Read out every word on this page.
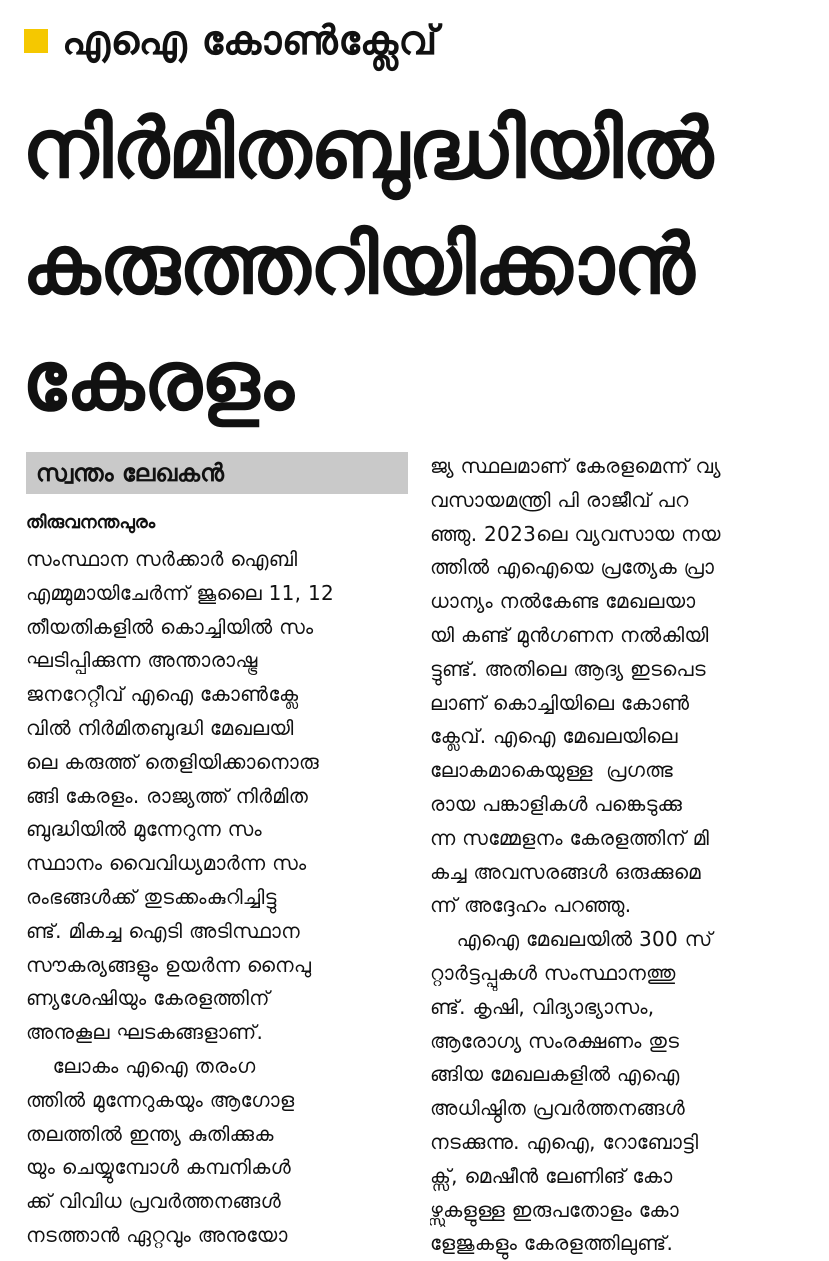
എഐ കോൺക്ലേവ്
നിർമിതബുദ്ധിയിൽ
കരുത്തറിയിക്കാൻ
കേരളം
സ്വന്തം ലേഖകൻ
തിരുവനന്തപുരം
സംസ്ഥാന സർക്കാർ ഐബി
എമ്മുമായിചേർന്ന് ജൂലൈ 11, 12
തീയതികളിൽ കൊച്ചിയിൽ സം
ഘടിപ്പിക്കുന്ന അന്താരാഷ്ട്ര
ജനറേറ്റീവ് എഐ കോൺക്ലേ
വിൽ നിർമിതബുദ്ധി മേഖലയി
ലെ കരുത്ത് തെളിയിക്കാനൊരു
ങ്ങി കേരളം. രാജ്യത്ത് നിർമിത
ബുദ്ധിയിൽ മുന്നേറുന്ന സം
സ്ഥാനം വൈവിധ്യമാർന്ന സം
രംഭങ്ങൾക്ക് തുടക്കംകുറിച്ചിട്ടു
ണ്ട്. മികച്ച ഐടി അടിസ്ഥാന
സൗകര്യങ്ങളും ഉയർന്ന നൈപു
ണ്യശേഷിയും കേരളത്തിന്
അനുകൂല ഘടകങ്ങളാണ്.
ലോകം എഐ തരംഗ
ത്തിൽ മുന്നേറുകയും ആഗോള
തലത്തിൽ ഇന്ത്യ കുതിക്കുക
യും ചെയ്യുമ്പോൾ കമ്പനികൾ
ക്ക് വിവിധ പ്രവർത്തനങ്ങൾ
നടത്താൻ ഏറ്റവും അനുയോ
ജ്യ സ്ഥലമാണ് കേരളമെന്ന് വ്യ
വസായമന്ത്രി പി രാജീവ് പറ
ഞ്ഞു. 2023ലെ വ്യവസായ നയ
ത്തിൽ എഐയെ പ്രത്യേക പ്രാ
ധാന്യം നൽകേണ്ട മേഖലയാ
യി കണ്ട് മുൻഗണന നൽകിയി
ട്ടുണ്ട്. അതിലെ ആദ്യ ഇടപെട
ലാണ് കൊച്ചിയിലെ കോൺ
ക്ലേവ്. എഐ മേഖലയിലെ
ലോകമാകെയുള്ള  പ്രഗത്ഭ
രായ പങ്കാളികൾ പങ്കെടുക്കു
ന്ന സമ്മേളനം കേരളത്തിന് മി
കച്ച അവസരങ്ങൾ ഒരുക്കുമെ
ന്ന് അദ്ദേഹം പറഞ്ഞു.
എഐ മേഖലയിൽ 300 സ്
റ്റാർട്ടപ്പുകൾ സംസ്ഥാനത്തു
ണ്ട്. കൃഷി, വിദ്യാഭ്യാസം,
ആരോഗ്യ സംരക്ഷണം തുട
ങ്ങിയ മേഖലകളിൽ എഐ
അധിഷ്ഠിത പ്രവർത്തനങ്ങൾ
നടക്കുന്നു. എഐ, റോബോട്ടി
ക്സ്, മെഷീൻ ലേണിങ് കോ
ഴ്സുകളുള്ള ഇരുപതോളം കോ
ളേജുകളും കേരളത്തിലുണ്ട്.
